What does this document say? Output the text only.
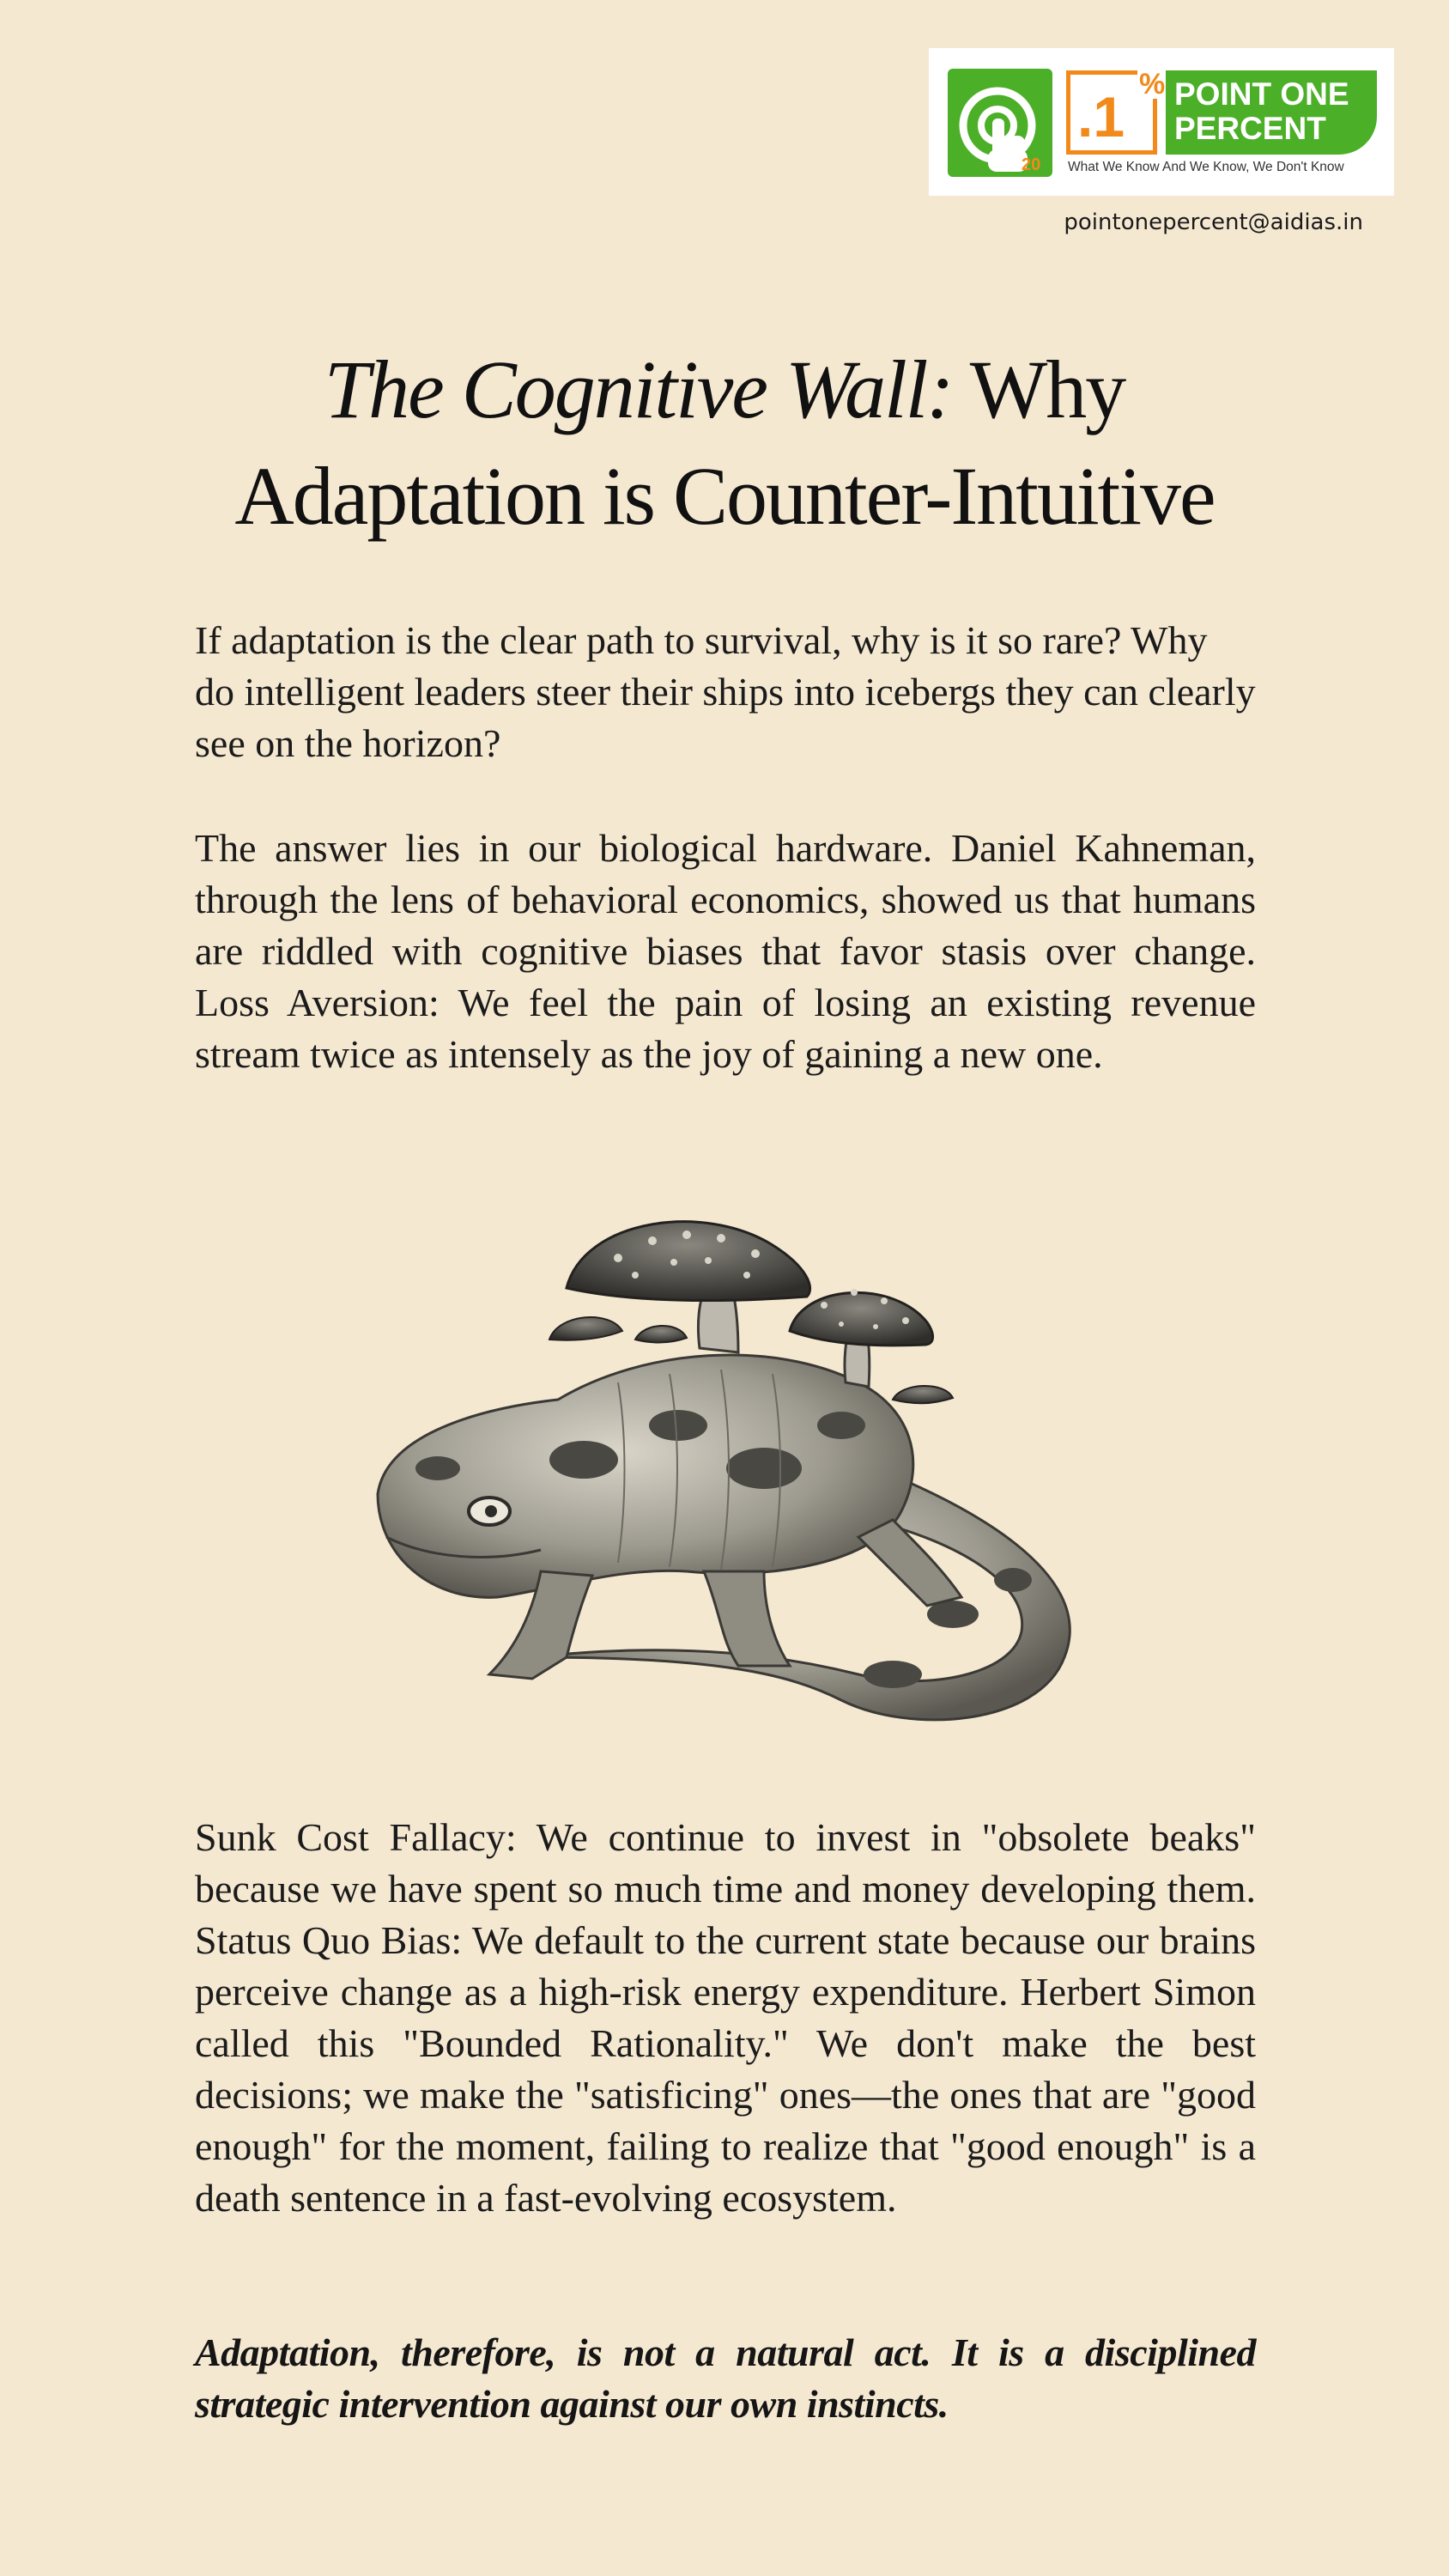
20
.1
% POINT ONE
PERCENT
What We Know And We Know, We Don't Know
pointonepercent@aidias.in
The Cognitive Wall: Why Adaptation is Counter-Intuitive

If adaptation is the clear path to survival, why is it so rare? Why do intelligent leaders steer their ships into icebergs they can clearly see on the horizon?

The answer lies in our biological hardware. Daniel Kahneman, through the lens of behavioral economics, showed us that humans are riddled with cognitive biases that favor stasis over change. Loss Aversion: We feel the pain of losing an existing revenue stream twice as intensely as the joy of gaining a new one.

Sunk Cost Fallacy: We continue to invest in "obsolete beaks" because we have spent so much time and money developing them. Status Quo Bias: We default to the current state because our brains perceive change as a high-risk energy expenditure. Herbert Simon called this "Bounded Rationality." We don't make the best decisions; we make the "satisficing" ones—the ones that are "good enough" for the moment, failing to realize that "good enough" is a death sentence in a fast-evolving ecosystem.

Adaptation, therefore, is not a natural act. It is a disciplined strategic intervention against our own instincts.
